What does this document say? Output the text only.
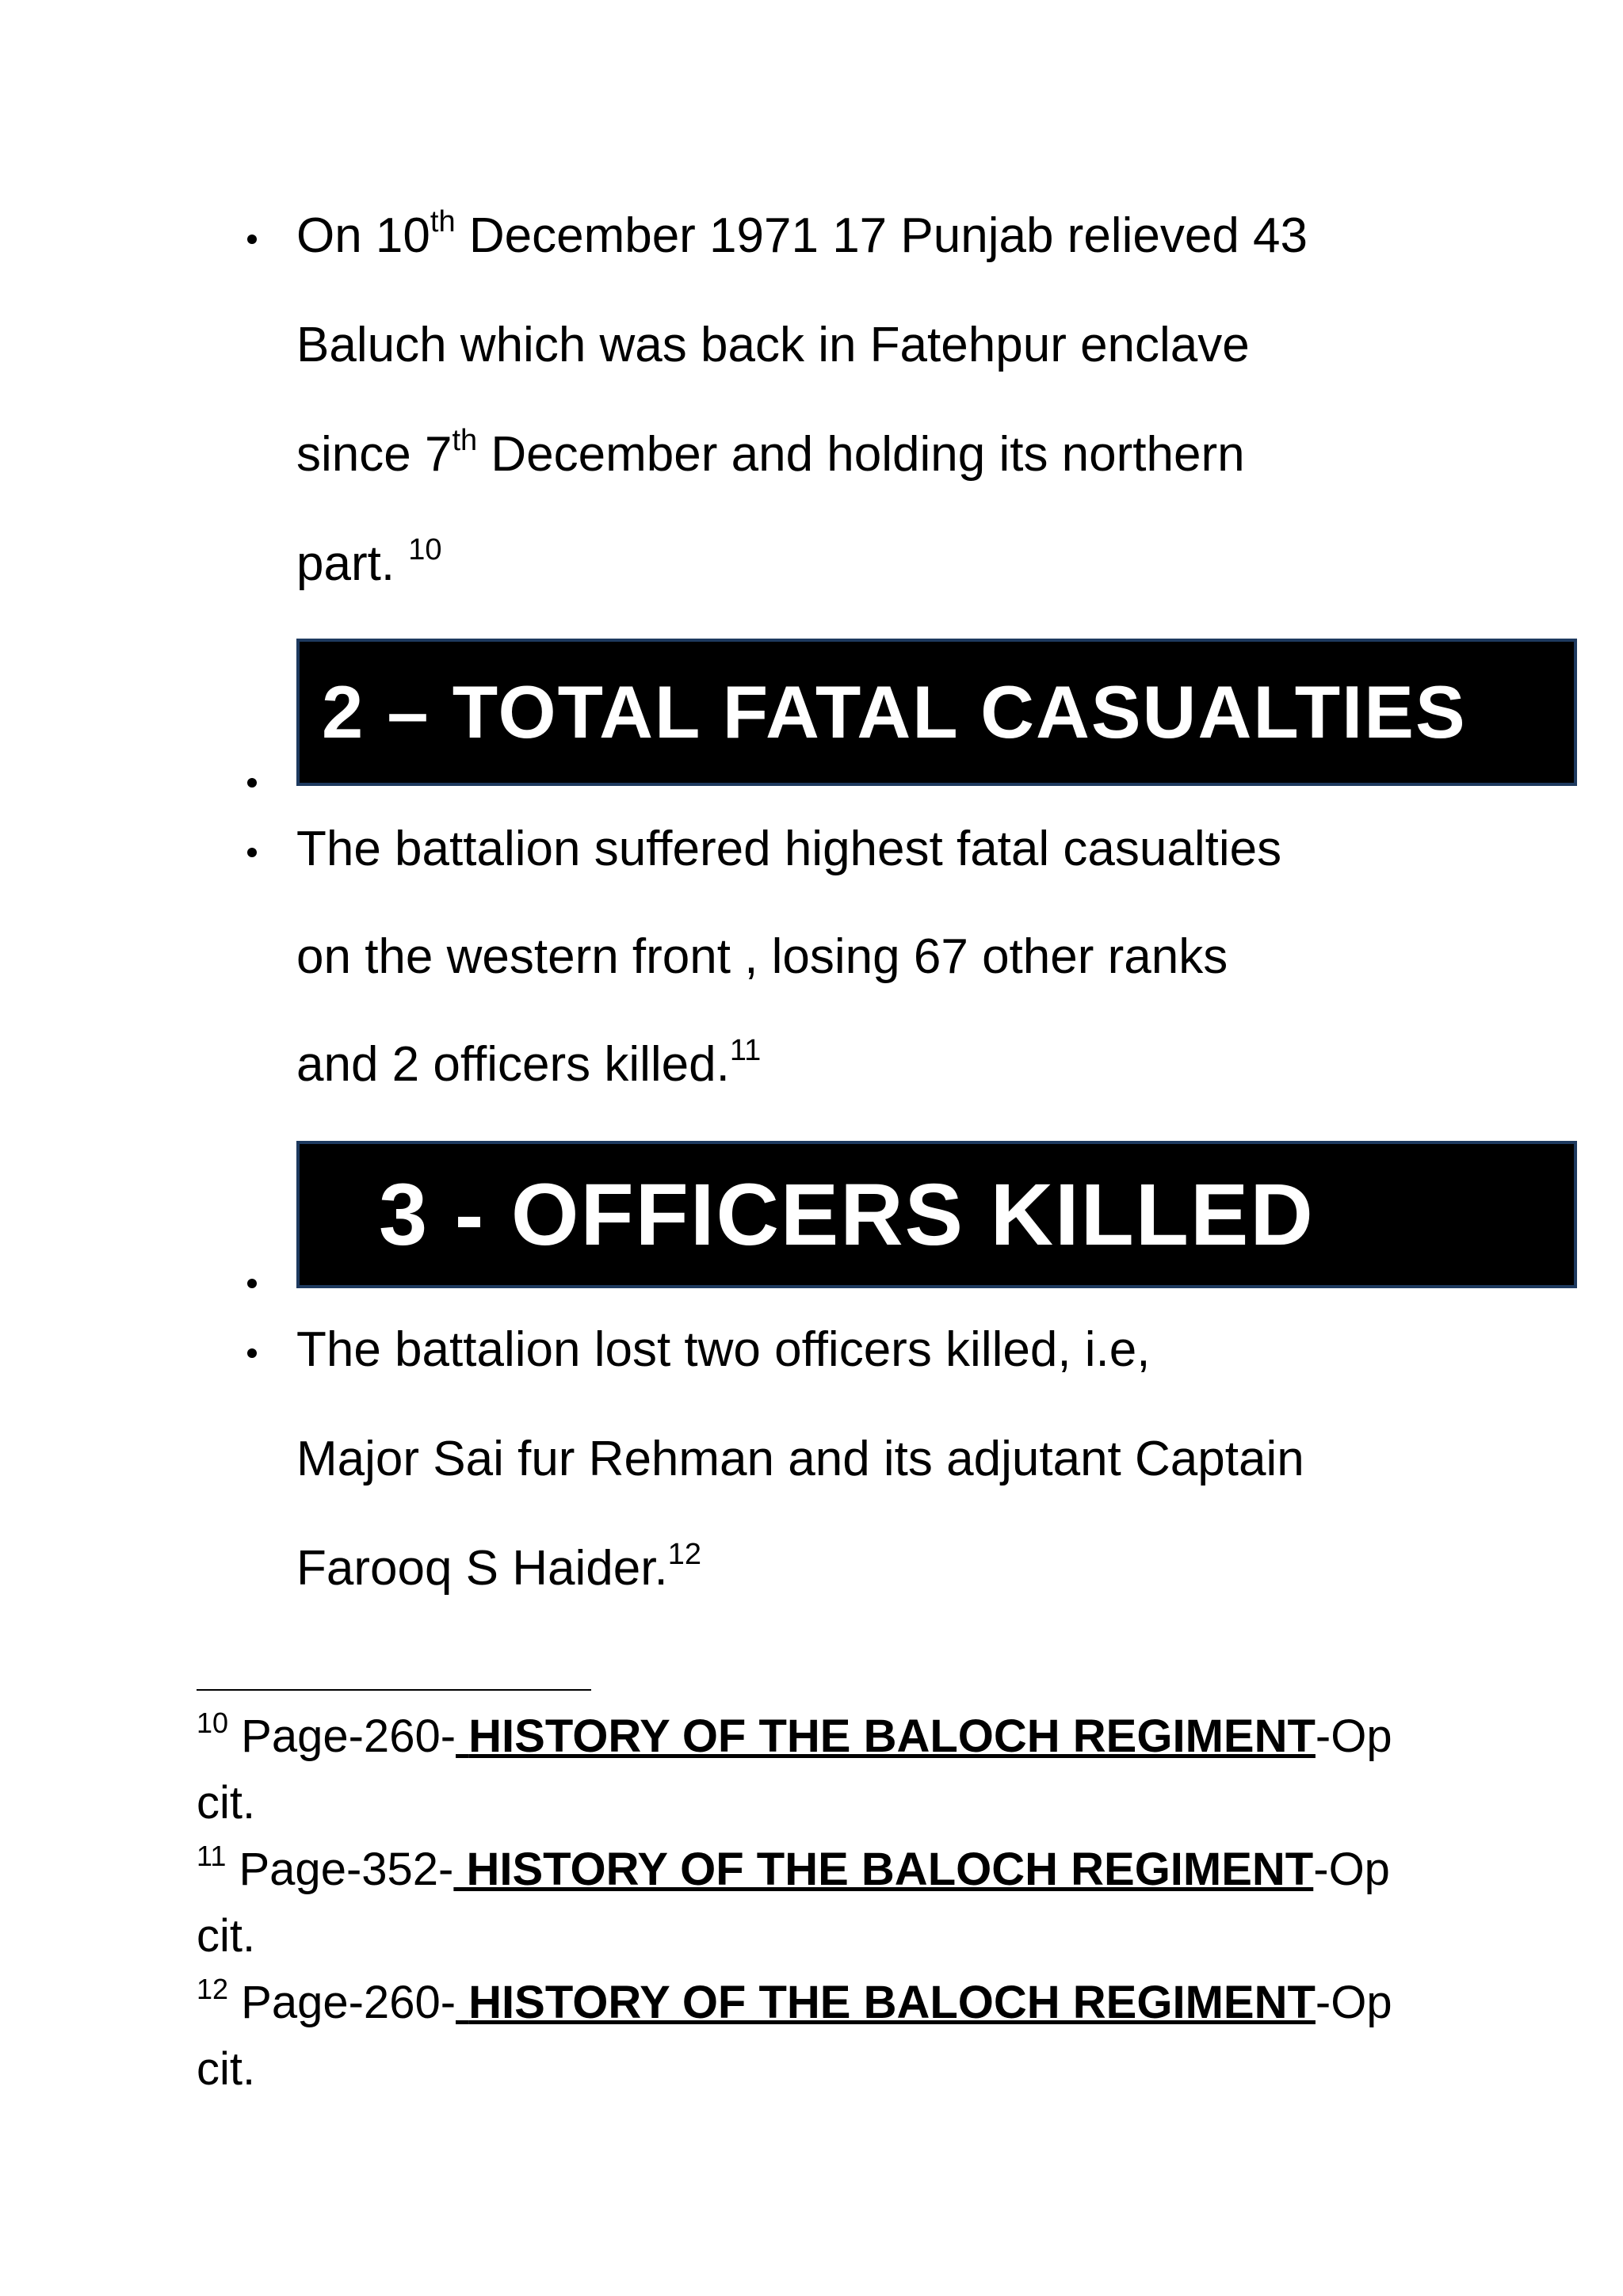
On 10th December 1971 17 Punjab relieved 43
Baluch which was back in Fatehpur enclave
since 7th December and holding its northern
part. $^{10}$
2 – TOTAL FATAL CASUALTIES
The battalion suffered highest fatal casualties
on the western front , losing 67 other ranks
and 2 officers killed.$^{11}$
3 - OFFICERS KILLED
The battalion lost two officers killed, i.e,
Major Sai fur Rehman and its adjutant Captain
Farooq S Haider.$^{12}$
$^{10}$ Page-260- HISTORY OF THE BALOCH REGIMENT-Op
cit.
$^{11}$ Page-352- HISTORY OF THE BALOCH REGIMENT-Op
cit.
$^{12}$ Page-260- HISTORY OF THE BALOCH REGIMENT-Op
cit.
